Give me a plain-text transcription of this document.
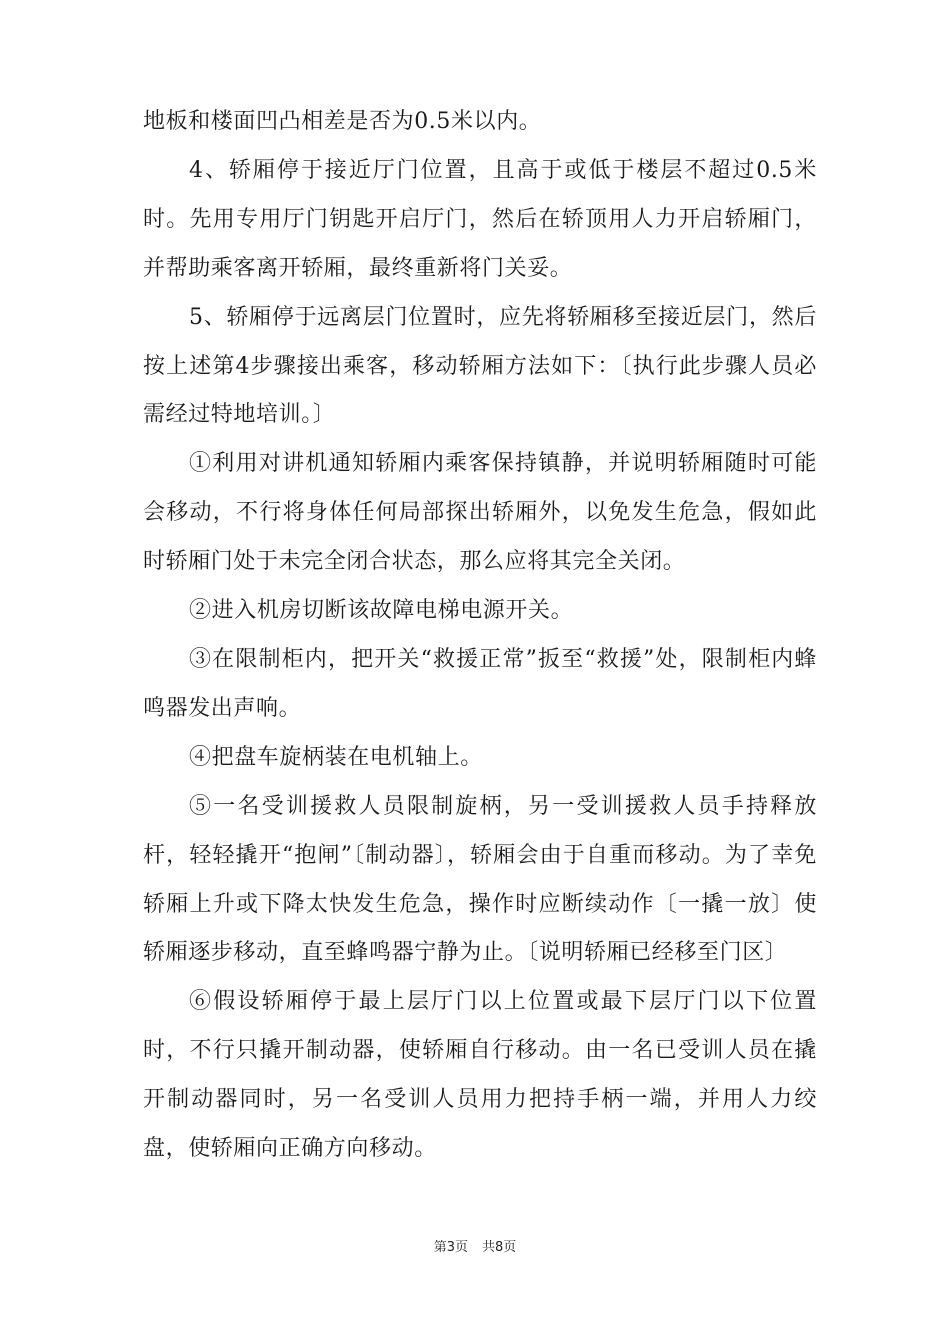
地板和楼面凹凸相差是否为0.5米以内。

4、轿厢停于接近厅门位置，且高于或低于楼层不超过0.5米时。先用专用厅门钥匙开启厅门，然后在轿顶用人力开启轿厢门，并帮助乘客离开轿厢，最终重新将门关妥。

5、轿厢停于远离层门位置时，应先将轿厢移至接近层门，然后按上述第4步骤接出乘客，移动轿厢方法如下：〔执行此步骤人员必需经过特地培训。〕

①利用对讲机通知轿厢内乘客保持镇静，并说明轿厢随时可能会移动，不行将身体任何局部探出轿厢外，以免发生危急，假如此时轿厢门处于未完全闭合状态，那么应将其完全关闭。

②进入机房切断该故障电梯电源开关。

③在限制柜内，把开关“救援正常”扳至“救援”处，限制柜内蜂鸣器发出声响。

④把盘车旋柄装在电机轴上。

⑤一名受训援救人员限制旋柄，另一受训援救人员手持释放杆，轻轻撬开“抱闸”〔制动器〕，轿厢会由于自重而移动。为了幸免轿厢上升或下降太快发生危急，操作时应断续动作〔一撬一放〕使轿厢逐步移动，直至蜂鸣器宁静为止。〔说明轿厢已经移至门区〕

⑥假设轿厢停于最上层厅门以上位置或最下层厅门以下位置时，不行只撬开制动器，使轿厢自行移动。由一名已受训人员在撬开制动器同时，另一名受训人员用力把持手柄一端，并用人力绞盘，使轿厢向正确方向移动。

第3页 共8页
